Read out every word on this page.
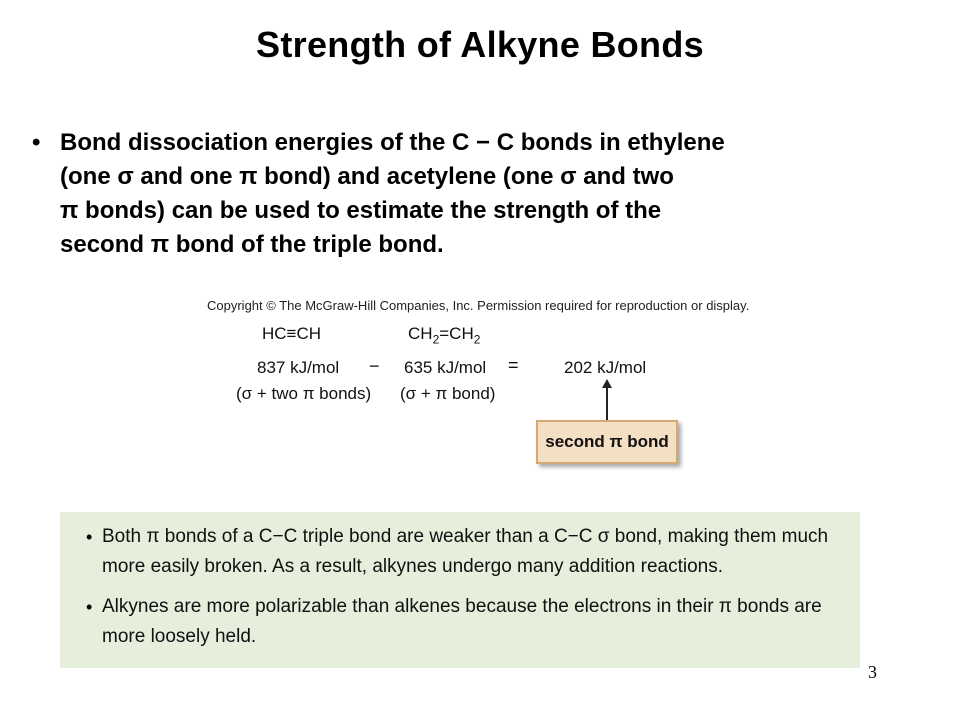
Strength of Alkyne Bonds
• Bond dissociation energies of the C − C bonds in ethylene
(one σ and one π bond) and acetylene (one σ and two
π bonds) can be used to estimate the strength of the
second π bond of the triple bond.
Copyright © The McGraw-Hill Companies, Inc. Permission required for reproduction or display.
HC≡CH	$CH_2=CH_2$
837 kJ/mol − 635 kJ/mol =	202 kJ/mol
(σ + two π bonds) (σ + π bond)
second π bond
• Both π bonds of a C−C triple bond are weaker than a C−C σ bond, making them much
more easily broken. As a result, alkynes undergo many addition reactions.
• Alkynes are more polarizable than alkenes because the electrons in their π bonds are
more loosely held.
3
